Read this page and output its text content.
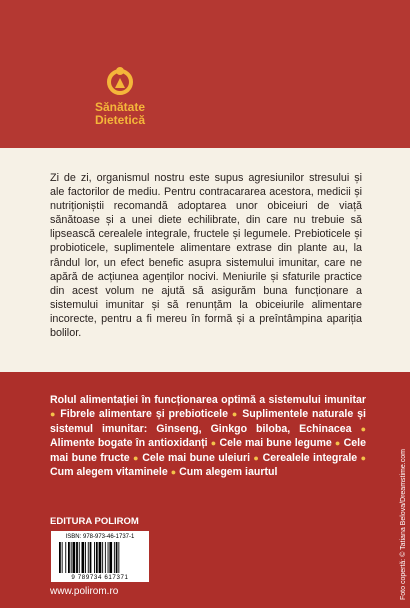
Sănătate
Dietetică

Zi de zi, organismul nostru este supus agresiunilor stresului și ale factorilor de mediu. Pentru contracararea acestora, medicii și nutriționiștii recomandă adoptarea unor obiceiuri de viață sănătoase și a unei diete echilibrate, din care nu trebuie să lipsească cerealele integrale, fructele și legumele. Prebioticele și probioticele, suplimentele alimentare extrase din plante au, la rândul lor, un efect benefic asupra sistemului imunitar, care ne apără de acțiunea agenților nocivi. Meniurile și sfaturile practice din acest volum ne ajută să asigurăm buna funcționare a sistemului imunitar și să renunțăm la obiceiurile alimentare incorecte, pentru a fi mereu în formă și a preîntâmpina apariția bolilor.

Rolul alimentației în funcționarea optimă a sistemului imunitar ● Fibrele alimentare și prebioticele ● Suplimentele naturale și sistemul imunitar: Ginseng, Ginkgo biloba, Echinacea ● Alimente bogate în antioxidanți ● Cele mai bune legume ● Cele mai bune fructe ● Cele mai bune uleiuri ● Cerealele integrale ● Cum alegem vitaminele ● Cum alegem iaurtul

EDITURA POLIROM
ISBN: 978-973-46-1737-1
9 789734 617371
www.polirom.ro	Foto copertă: © Tatiana Belova/Dreamstime.com
